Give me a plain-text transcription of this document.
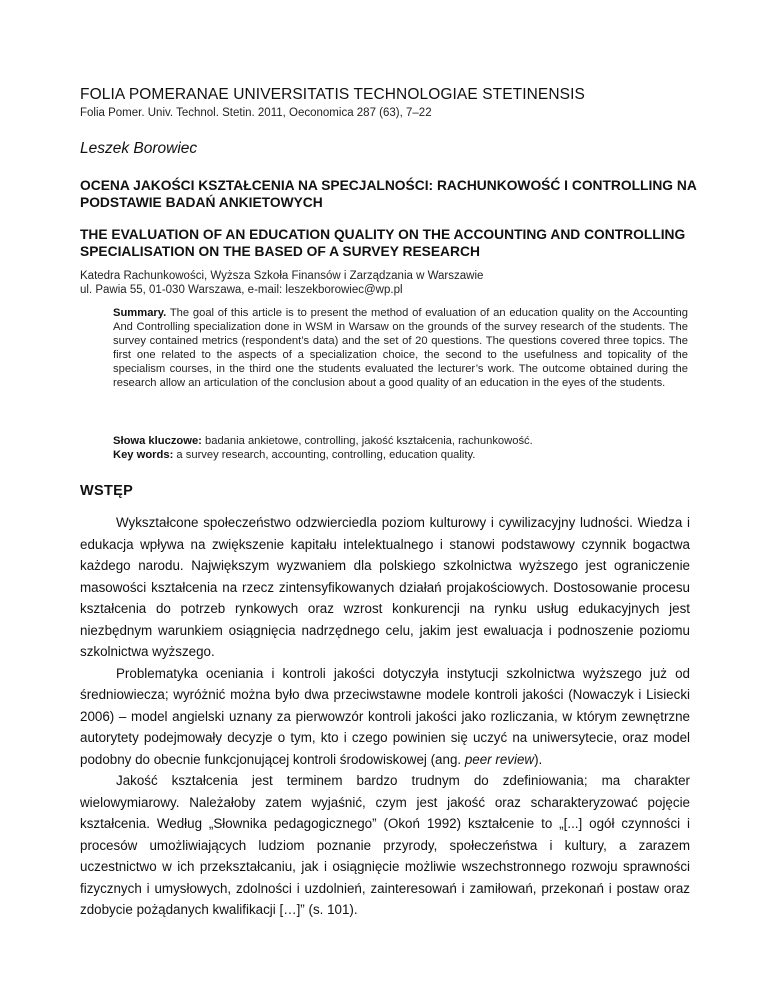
FOLIA POMERANAE UNIVERSITATIS TECHNOLOGIAE STETINENSIS
Folia Pomer. Univ. Technol. Stetin. 2011, Oeconomica 287 (63), 7–22
Leszek Borowiec
OCENA JAKOŚCI KSZTAŁCENIA NA SPECJALNOŚCI: RACHUNKOWOŚĆ I CONTROLLING NA PODSTAWIE BADAŃ ANKIETOWYCH
THE EVALUATION OF AN EDUCATION QUALITY ON THE ACCOUNTING AND CONTROLLING SPECIALISATION ON THE BASED OF A SURVEY RESEARCH
Katedra Rachunkowości, Wyższa Szkoła Finansów i Zarządzania w Warszawie
ul. Pawia 55, 01-030 Warszawa, e-mail: leszekborowiec@wp.pl
Summary. The goal of this article is to present the method of evaluation of an education quality on the Accounting And Controlling specialization done in WSM in Warsaw on the grounds of the survey research of the students. The survey contained metrics (respondent’s data) and the set of 20 questions. The questions covered three topics. The first one related to the aspects of a specialization choice, the second to the usefulness and topicality of the specialism courses, in the third one the students evaluated the lecturer’s work. The outcome obtained during the research allow an articulation of the conclusion about a good quality of an education in the eyes of the students.
Słowa kluczowe: badania ankietowe, controlling, jakość kształcenia, rachunkowość.
Key words: a survey research, accounting, controlling, education quality.
WSTĘP

Wykształcone społeczeństwo odzwierciedla poziom kulturowy i cywilizacyjny ludności. Wiedza i edukacja wpływa na zwiększenie kapitału intelektualnego i stanowi podstawowy czynnik bogactwa każdego narodu. Największym wyzwaniem dla polskiego szkolnictwa wyższego jest ograniczenie masowości kształcenia na rzecz zintensyfikowanych działań projakościowych. Dostosowanie procesu kształcenia do potrzeb rynkowych oraz wzrost konkurencji na rynku usług edukacyjnych jest niezbędnym warunkiem osiągnięcia nadrzędnego celu, jakim jest ewaluacja i podnoszenie poziomu szkolnictwa wyższego.

Problematyka oceniania i kontroli jakości dotyczyła instytucji szkolnictwa wyższego już od średniowiecza; wyróżnić można było dwa przeciwstawne modele kontroli jakości (Nowaczyk i Lisiecki 2006) – model angielski uznany za pierwowzór kontroli jakości jako rozliczania, w którym zewnętrzne autorytety podejmowały decyzje o tym, kto i czego powinien się uczyć na uniwersytecie, oraz model podobny do obecnie funkcjonującej kontroli środowiskowej (ang. peer review).

Jakość kształcenia jest terminem bardzo trudnym do zdefiniowania; ma charakter wielowymiarowy. Należałoby zatem wyjaśnić, czym jest jakość oraz scharakteryzować pojęcie kształcenia. Według „Słownika pedagogicznego” (Okoń 1992) kształcenie to „[...] ogół czynności i procesów umożliwiających ludziom poznanie przyrody, społeczeństwa i kultury, a zarazem uczestnictwo w ich przekształcaniu, jak i osiągnięcie możliwie wszechstronnego rozwoju sprawności fizycznych i umysłowych, zdolności i uzdolnień, zainteresowań i zamiłowań, przekonań i postaw oraz zdobycie pożądanych kwalifikacji […]” (s. 101).
